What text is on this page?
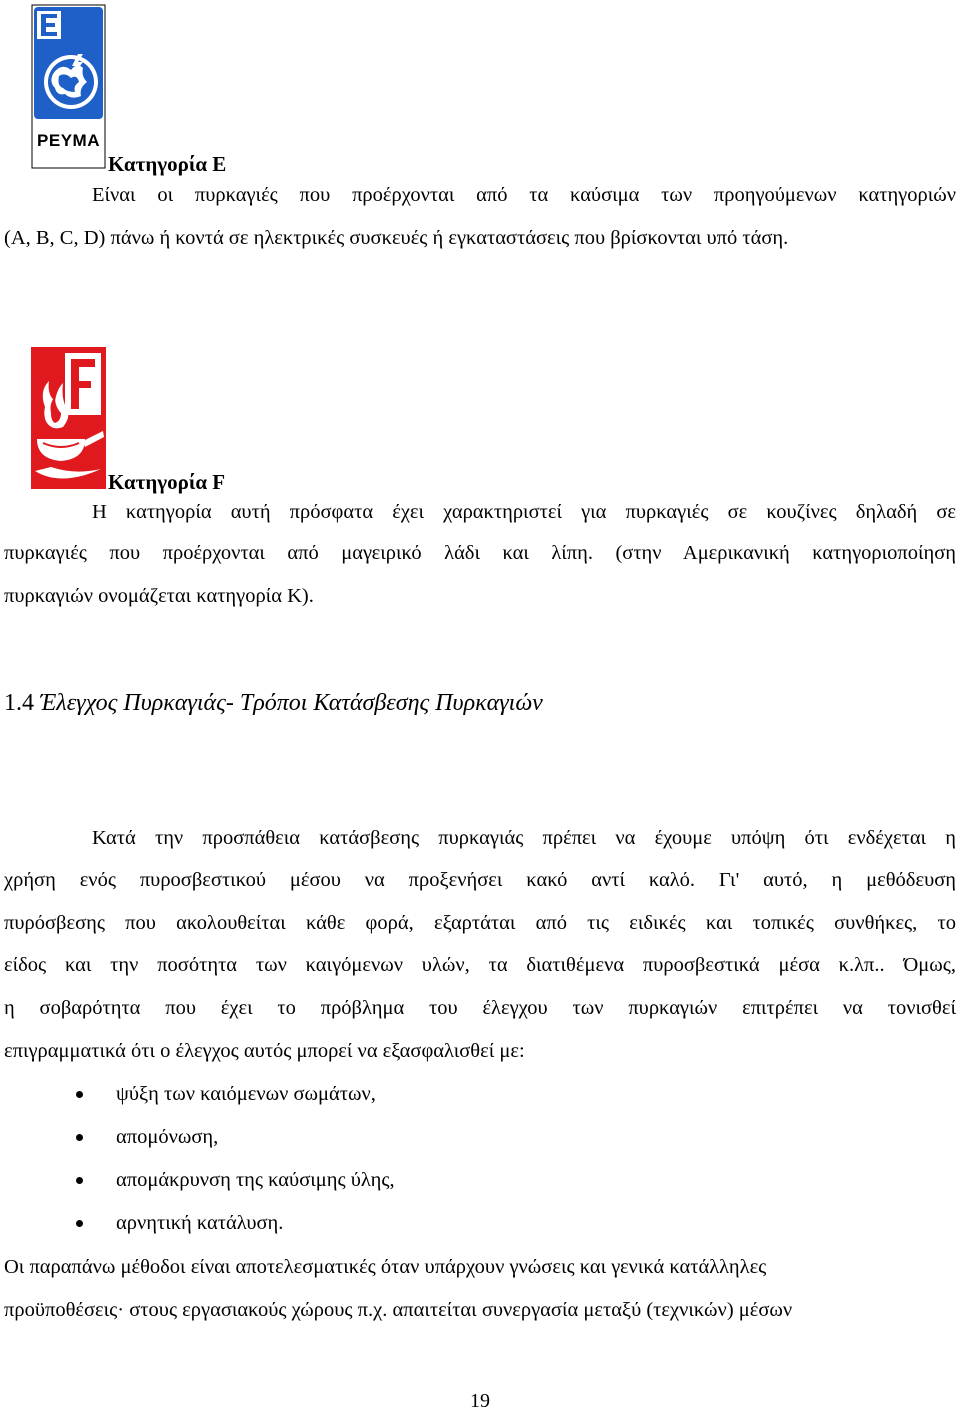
ΡΕΥΜΑ
Κατηγορία E
Είναι οι πυρκαγιές που προέρχονται από τα καύσιμα των προηγούμενων κατηγοριών
(A, B, C, D) πάνω ή κοντά σε ηλεκτρικές συσκευές ή εγκαταστάσεις που βρίσκονται υπό τάση.
Κατηγορία F
Η κατηγορία αυτή πρόσφατα έχει χαρακτηριστεί για πυρκαγιές σε κουζίνες δηλαδή σε
πυρκαγιές που προέρχονται από μαγειρικό λάδι και λίπη. (στην Αμερικανική κατηγοριοποίηση
πυρκαγιών ονομάζεται κατηγορία K).
1.4 Έλεγχος Πυρκαγιάς- Τρόποι Κατάσβεσης Πυρκαγιών
Κατά την προσπάθεια κατάσβεσης πυρκαγιάς πρέπει να έχουμε υπόψη ότι ενδέχεται η
χρήση ενός πυροσβεστικού μέσου να προξενήσει κακό αντί καλό. Γι' αυτό, η μεθόδευση
πυρόσβεσης που ακολουθείται κάθε φορά, εξαρτάται από τις ειδικές και τοπικές συνθήκες, το
είδος και την ποσότητα των καιγόμενων υλών, τα διατιθέμενα πυροσβεστικά μέσα κ.λπ.. Όμως,
η σοβαρότητα που έχει το πρόβλημα του έλεγχου των πυρκαγιών επιτρέπει να τονισθεί
επιγραμματικά ότι ο έλεγχος αυτός μπορεί να εξασφαλισθεί με:
ψύξη των καιόμενων σωμάτων,
απομόνωση,
απομάκρυνση της καύσιμης ύλης,
αρνητική κατάλυση.
Οι παραπάνω μέθοδοι είναι αποτελεσματικές όταν υπάρχουν γνώσεις και γενικά κατάλληλες
προϋποθέσεις· στους εργασιακούς χώρους π.χ. απαιτείται συνεργασία μεταξύ (τεχνικών) μέσων
19
